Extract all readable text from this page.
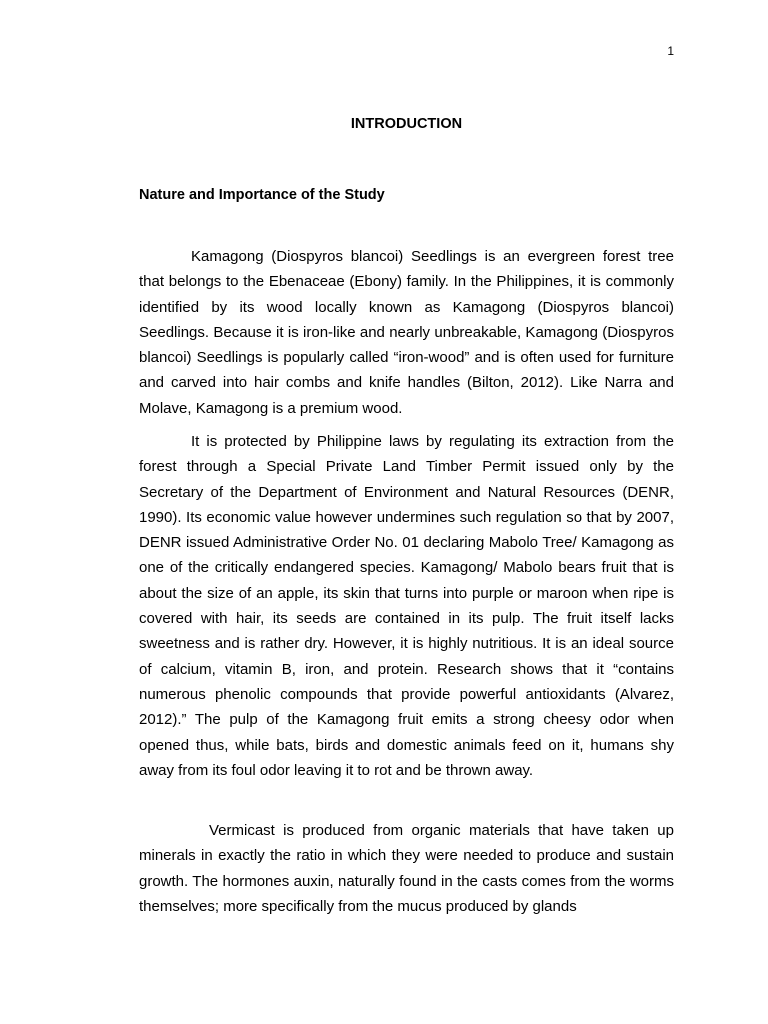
1
INTRODUCTION
Nature and Importance of the Study

Kamagong (Diospyros blancoi) Seedlings is an evergreen forest tree that belongs to the Ebenaceae (Ebony) family. In the Philippines, it is commonly identified by its wood locally known as Kamagong (Diospyros blancoi) Seedlings. Because it is iron-like and nearly unbreakable, Kamagong (Diospyros blancoi) Seedlings is popularly called “iron-wood” and is often used for furniture and carved into hair combs and knife handles (Bilton, 2012). Like Narra and Molave, Kamagong is a premium wood.

It is protected by Philippine laws by regulating its extraction from the forest through a Special Private Land Timber Permit issued only by the Secretary of the Department of Environment and Natural Resources (DENR, 1990). Its economic value however undermines such regulation so that by 2007, DENR issued Administrative Order No. 01 declaring Mabolo Tree/ Kamagong as one of the critically endangered species. Kamagong/ Mabolo bears fruit that is about the size of an apple, its skin that turns into purple or maroon when ripe is covered with hair, its seeds are contained in its pulp. The fruit itself lacks sweetness and is rather dry. However, it is highly nutritious. It is an ideal source of calcium, vitamin B, iron, and protein. Research shows that it “contains numerous phenolic compounds that provide powerful antioxidants (Alvarez, 2012).” The pulp of the Kamagong fruit emits a strong cheesy odor when opened thus, while bats, birds and domestic animals feed on it, humans shy away from its foul odor leaving it to rot and be thrown away.

Vermicast is produced from organic materials that have taken up minerals in exactly the ratio in which they were needed to produce and sustain growth. The hormones auxin, naturally found in the casts comes from the worms themselves; more specifically from the mucus produced by glands
